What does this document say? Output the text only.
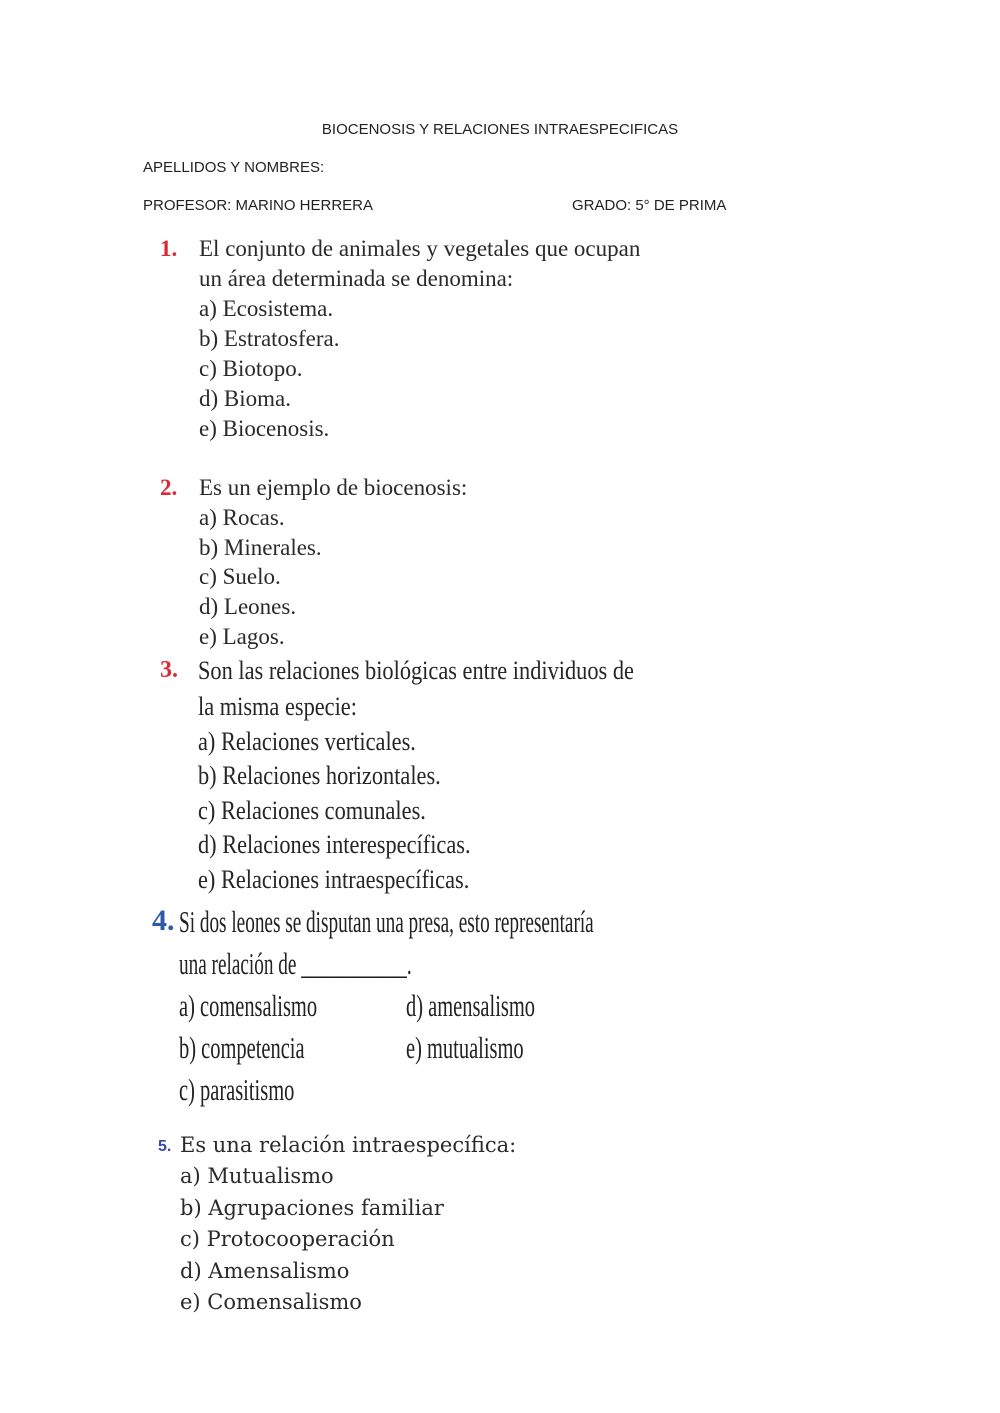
BIOCENOSIS Y RELACIONES INTRAESPECIFICAS
APELLIDOS Y NOMBRES:
PROFESOR: MARINO HERRERA	GRADO: 5° DE PRIMA
1. El conjunto de animales y vegetales que ocupan
un área determinada se denomina:
a) Ecosistema.
b) Estratosfera.
c) Biotopo.
d) Bioma.
e) Biocenosis.
2. Es un ejemplo de biocenosis:
a) Rocas.
b) Minerales.
c) Suelo.
d) Leones.
e) Lagos.
3. Son las relaciones biológicas entre individuos de
la misma especie:
a) Relaciones verticales.
b) Relaciones horizontales.
c) Relaciones comunales.
d) Relaciones interespecíficas.
e) Relaciones intraespecíficas.
4. Si dos leones se disputan una presa, esto representaría
una relación de ___________.
a) comensalismo	d) amensalismo
b) competencia	e) mutualismo
c) parasitismo
5. Es una relación intraespecífica:
a) Mutualismo
b) Agrupaciones familiar
c) Protocooperación
d) Amensalismo
e) Comensalismo
